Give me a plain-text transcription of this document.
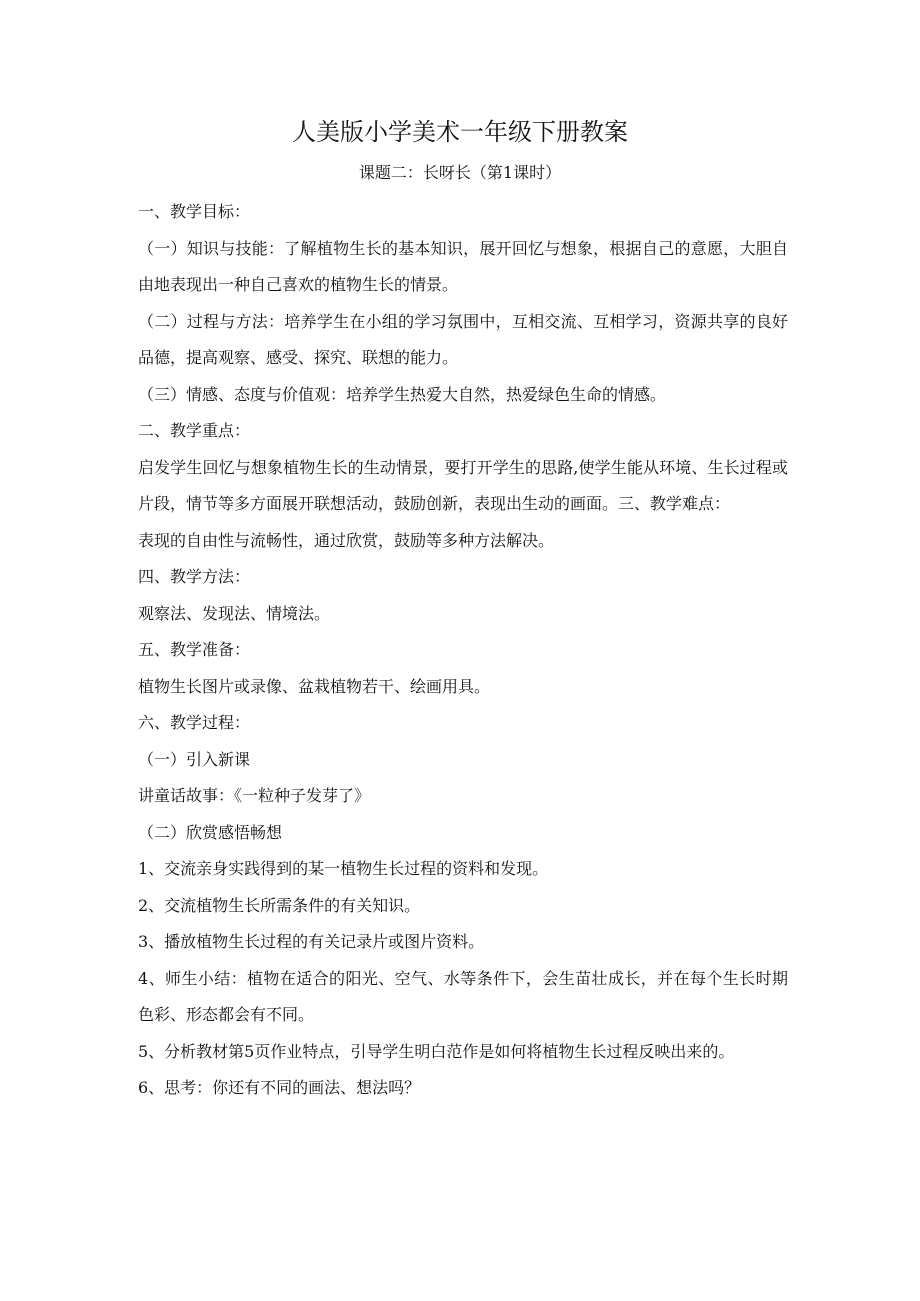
人美版小学美术一年级下册教案
课题二：长呀长（第1课时）

一、教学目标：

（一）知识与技能：了解植物生长的基本知识，展开回忆与想象，根据自己的意愿，大胆自由地表现出一种自己喜欢的植物生长的情景。

（二）过程与方法：培养学生在小组的学习氛围中，互相交流、互相学习，资源共享的良好品德，提高观察、感受、探究、联想的能力。

（三）情感、态度与价值观：培养学生热爱大自然，热爱绿色生命的情感。

二、教学重点：

启发学生回忆与想象植物生长的生动情景，要打开学生的思路,使学生能从环境、生长过程或片段，情节等多方面展开联想活动，鼓励创新，表现出生动的画面。三、教学难点：

表现的自由性与流畅性，通过欣赏，鼓励等多种方法解决。

四、教学方法：

观察法、发现法、情境法。

五、教学准备：

植物生长图片或录像、盆栽植物若干、绘画用具。

六、教学过程：

（一）引入新课

讲童话故事：《一粒种子发芽了》

（二）欣赏感悟畅想

1、交流亲身实践得到的某一植物生长过程的资料和发现。

2、交流植物生长所需条件的有关知识。

3、播放植物生长过程的有关记录片或图片资料。

4、师生小结：植物在适合的阳光、空气、水等条件下，会生苗壮成长，并在每个生长时期色彩、形态都会有不同。

5、分析教材第5页作业特点，引导学生明白范作是如何将植物生长过程反映出来的。

6、思考：你还有不同的画法、想法吗？
